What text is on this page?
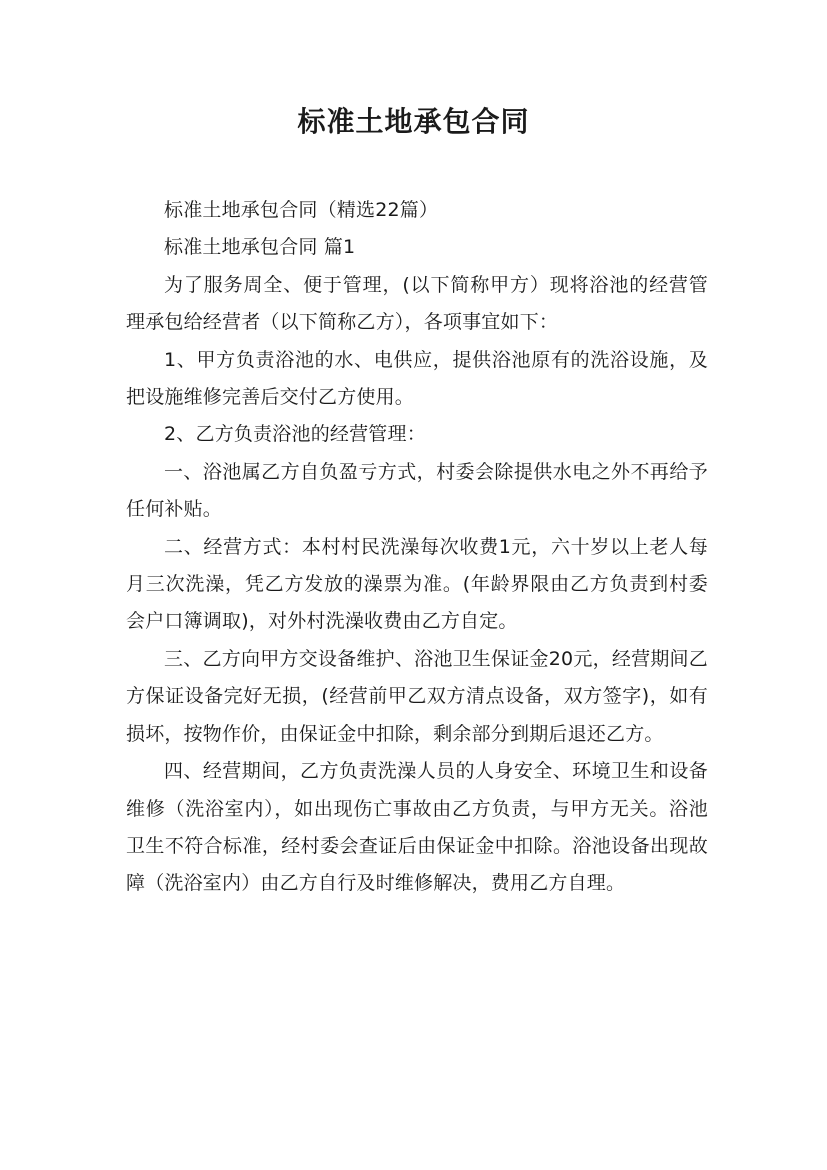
标准土地承包合同

标准土地承包合同（精选22篇）

标准土地承包合同 篇1

为了服务周全、便于管理，(以下简称甲方）现将浴池的经营管理承包给经营者（以下简称乙方），各项事宜如下：

1、甲方负责浴池的水、电供应，提供浴池原有的洗浴设施，及把设施维修完善后交付乙方使用。

2、乙方负责浴池的经营管理：

一、浴池属乙方自负盈亏方式，村委会除提供水电之外不再给予任何补贴。

二、经营方式：本村村民洗澡每次收费1元，六十岁以上老人每月三次洗澡，凭乙方发放的澡票为准。(年龄界限由乙方负责到村委会户口簿调取)，对外村洗澡收费由乙方自定。

三、乙方向甲方交设备维护、浴池卫生保证金20元，经营期间乙方保证设备完好无损，(经营前甲乙双方清点设备，双方签字)，如有损坏，按物作价，由保证金中扣除，剩余部分到期后退还乙方。

四、经营期间，乙方负责洗澡人员的人身安全、环境卫生和设备维修（洗浴室内），如出现伤亡事故由乙方负责，与甲方无关。浴池卫生不符合标准，经村委会查证后由保证金中扣除。浴池设备出现故障（洗浴室内）由乙方自行及时维修解决，费用乙方自理。
